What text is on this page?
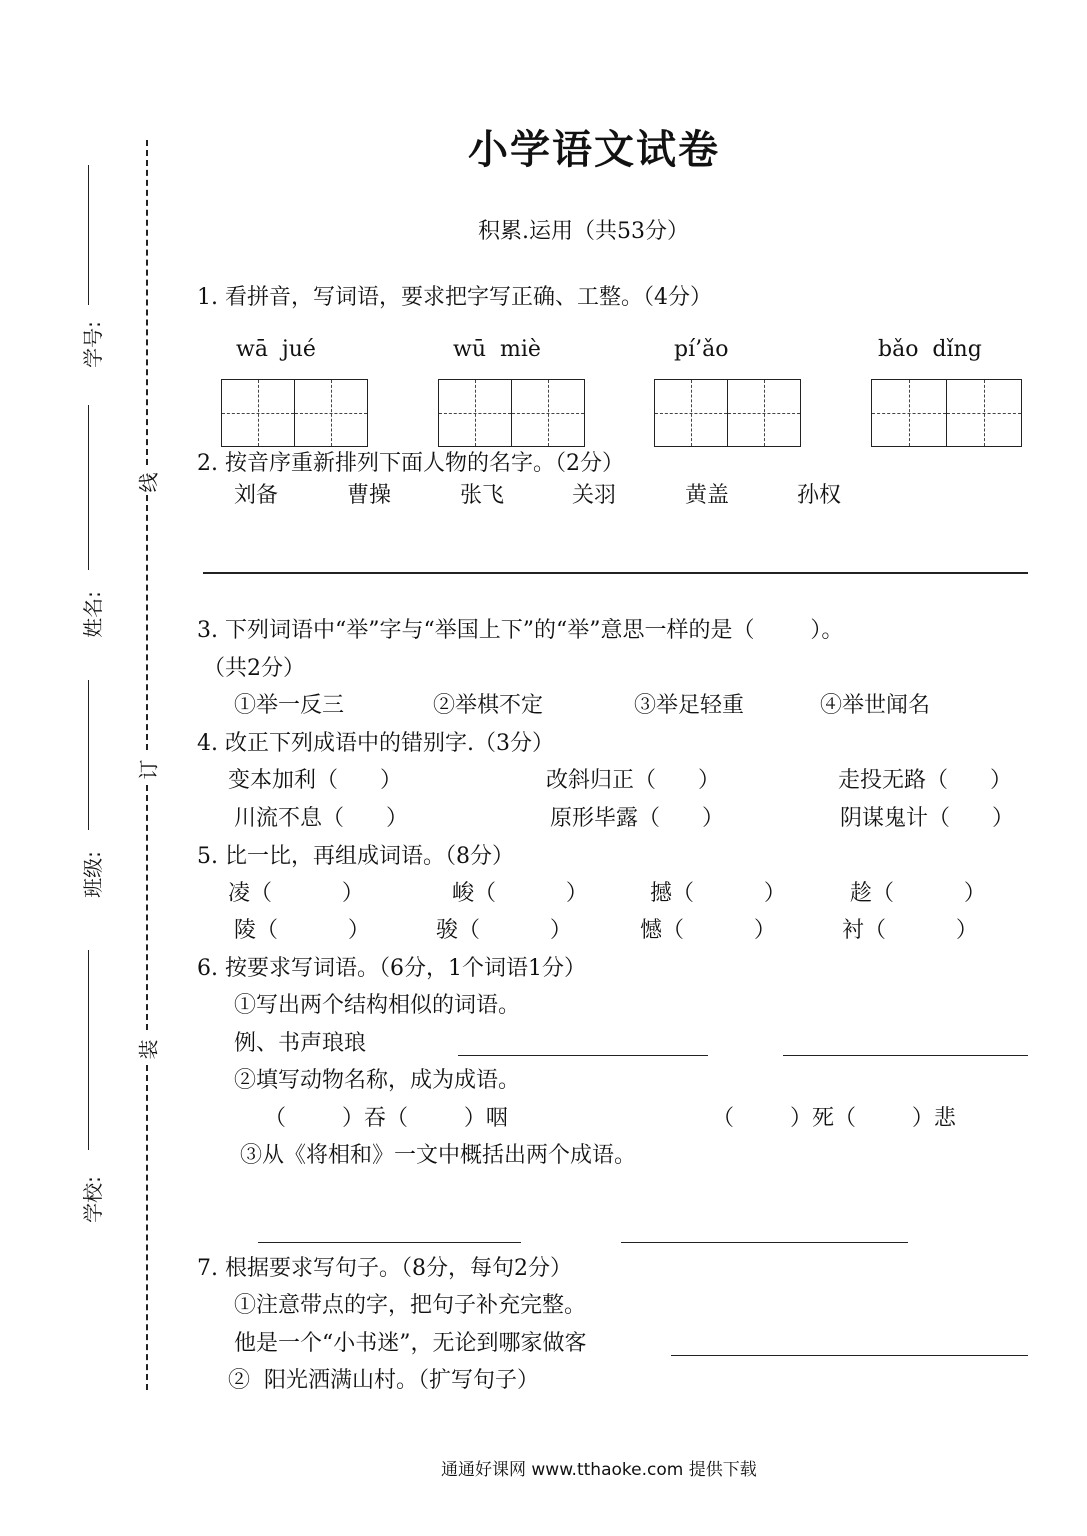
学号:
姓名:
班级:
学校:
线
订
装
小学语文试卷
积累.运用（共53分）
1. 看拼音，写词语，要求把字写正确、工整。（4分）
wā  jué	wū  miè	pí’ǎo	bǎo  dǐng
2. 按音序重新排列下面人物的名字。（2分）
刘备	曹操	张飞	关羽	黄盖	孙权
3. 下列词语中“举”字与“举国上下”的“举”意思一样的是（        ）。
（共2分）
①举一反三	②举棋不定	③举足轻重	④举世闻名
4. 改正下列成语中的错别字.（3分）
变本加利（      ）	改斜归正（      ）	走投无路（      ）
川流不息（      ）	原形毕露（      ）	阴谋鬼计（      ）
5. 比一比，再组成词语。（8分）
凌（          ）	峻（          ）	撼（          ）	趁（          ）
陵（          ）	骏（          ）	憾（          ）	衬（          ）
6. 按要求写词语。（6分，1个词语1分）
①写出两个结构相似的词语。
例、书声琅琅
②填写动物名称，成为成语。
（        ）吞（        ）咽	（        ）死（        ）悲
③从《将相和》一文中概括出两个成语。
7. 根据要求写句子。（8分，每句2分）
①注意带点的字，把句子补充完整。
他是一个“小书迷”，无论到哪家做客
②  阳光洒满山村。（扩写句子）
通通好课网 www.tthaoke.com 提供下载
